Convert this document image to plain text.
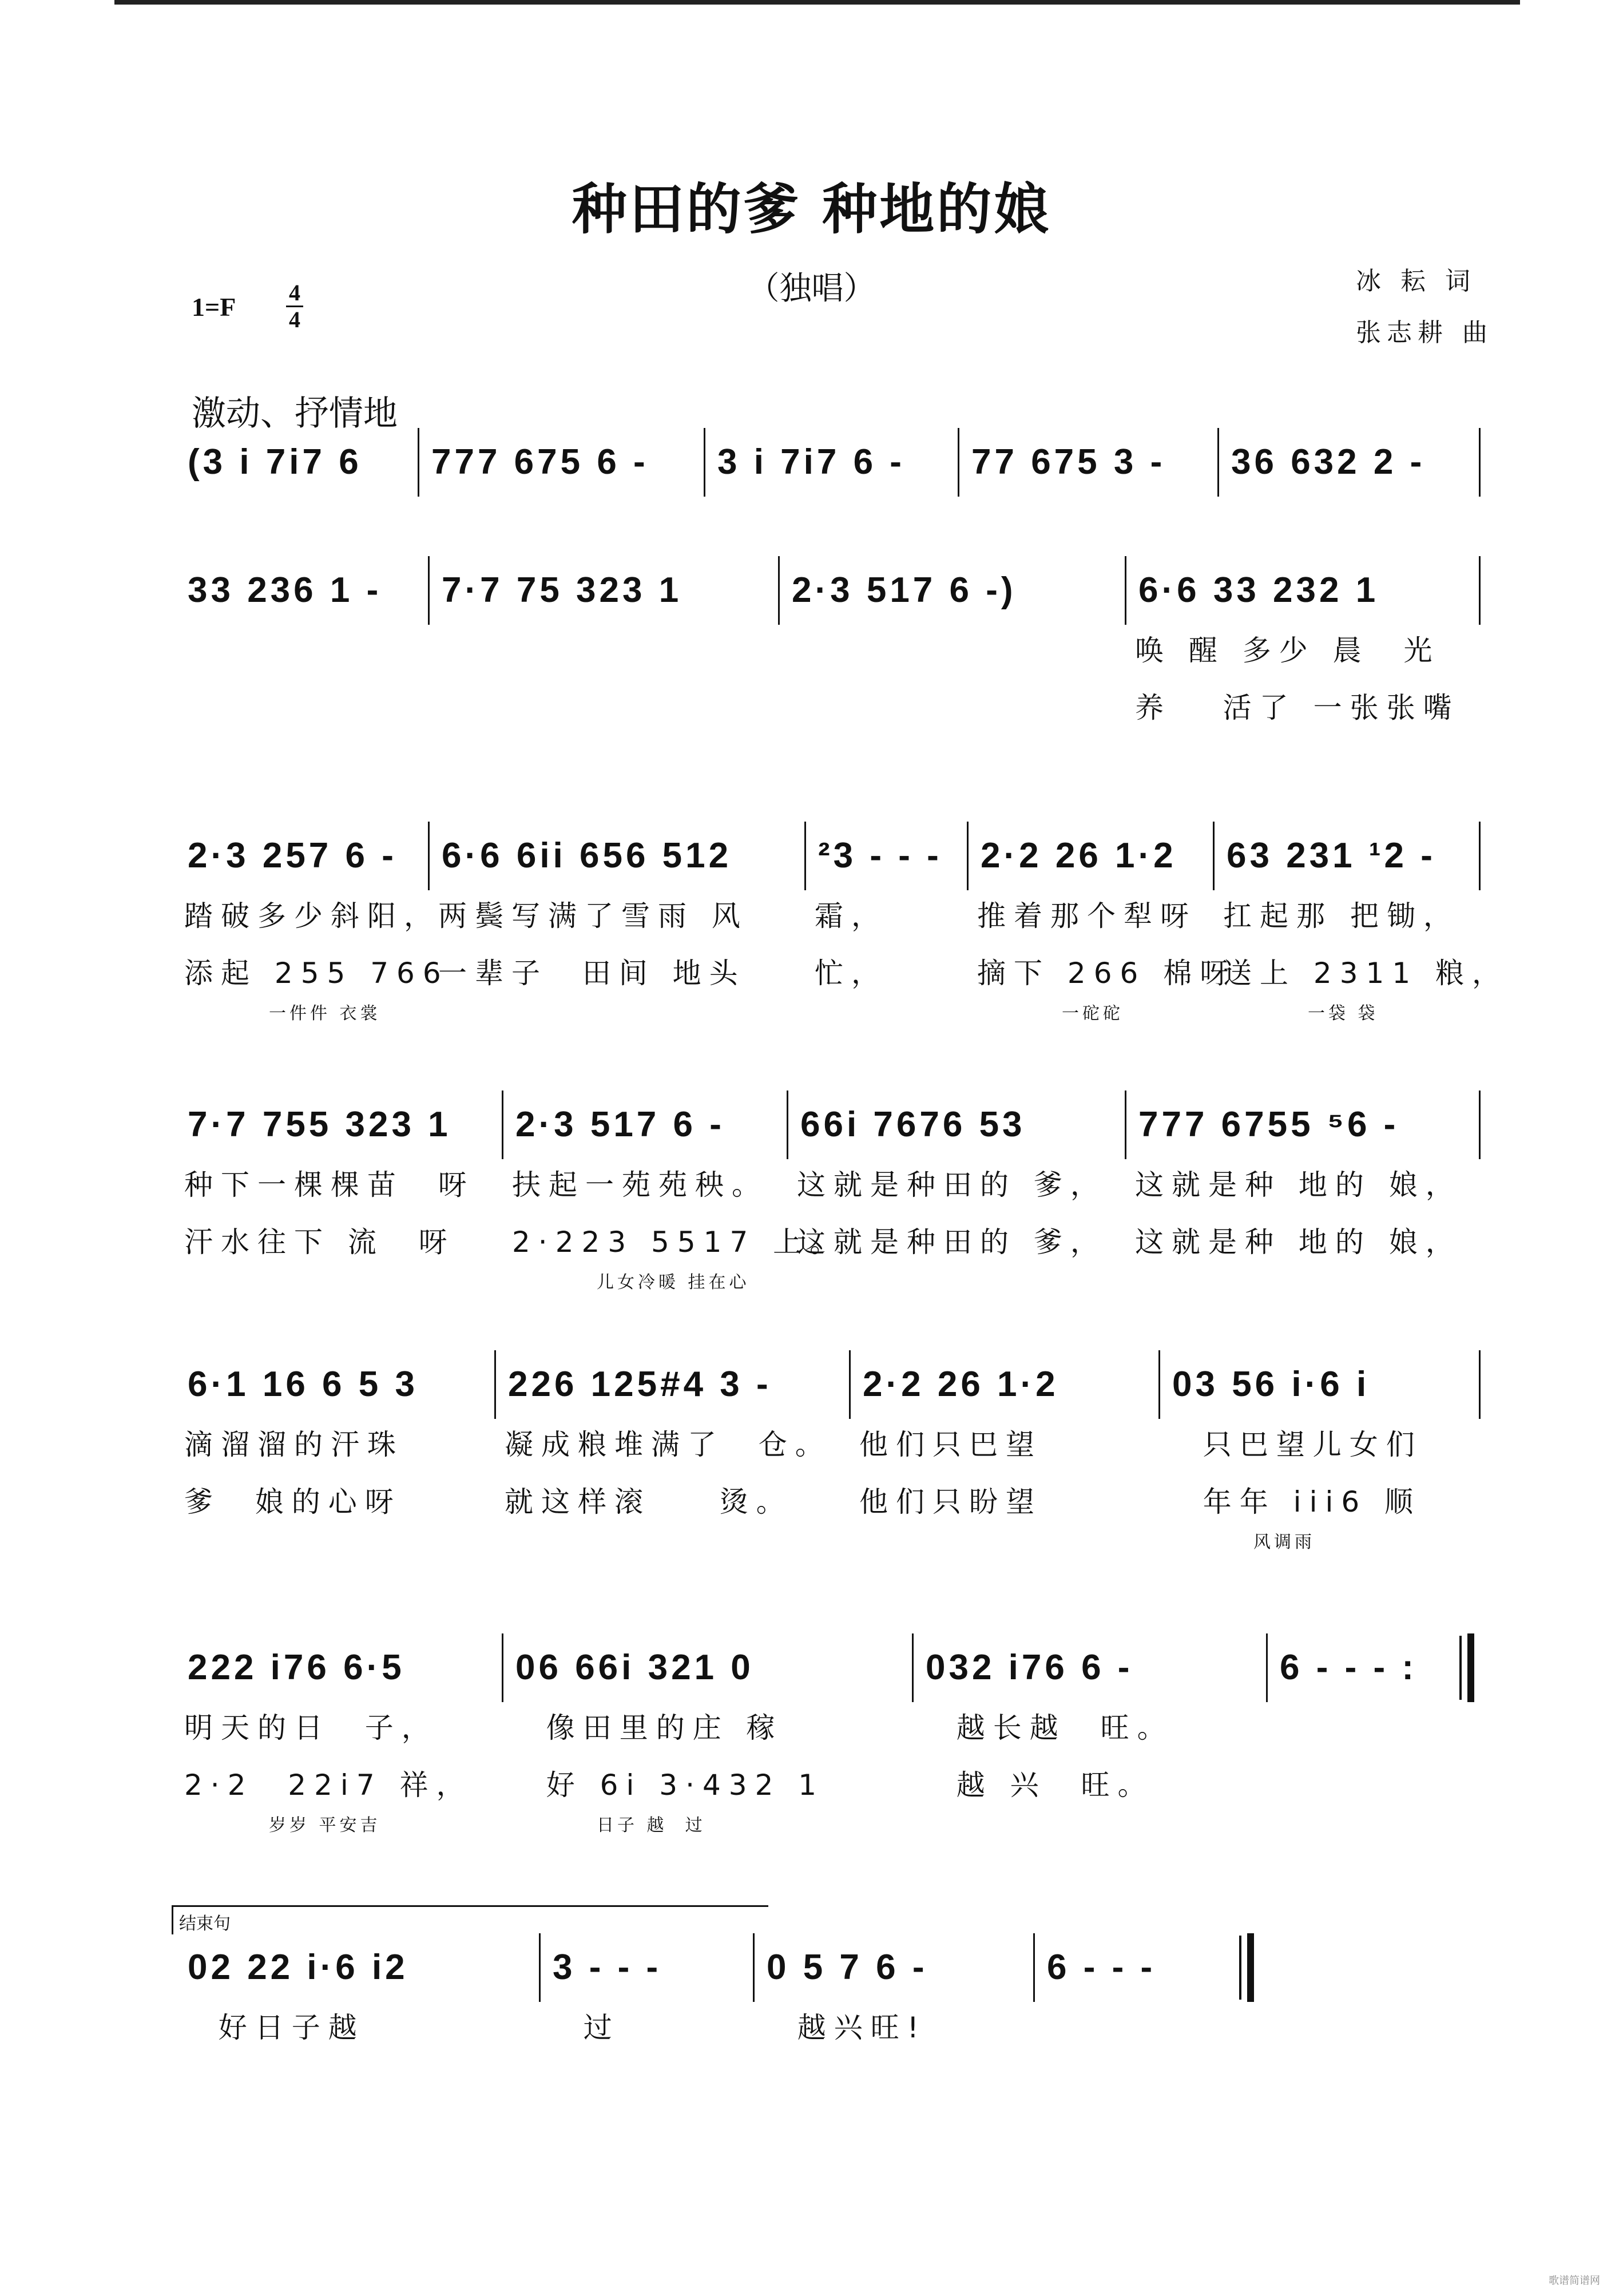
种田的爹 种地的娘
（独唱）	冰 耘 词
张志耕 曲
1=F 4
4
激动、抒情地
结束句
歌谱简谱网
(3 i 7i7 6 777 675 6 - 3 i 7i7 6 - 77 675 3 - 36 632 2 -
33 236 1 - 7·7 75 323 1	2·3 517 6 -)	6·6 33 232 1
唤 醒 多少 晨  光
养   活了 一张张嘴
2·3 257 6 -
踏破多少斜阳，
添起 255 766
一件件 衣裳
6·6 6ii 656 512
两鬓写满了雪雨 风
一辈子  田间 地头
²3 - - -
霜，
忙，
2·2 26 1·2
推着那个犁呀
摘下 266 棉呀
一砣砣
63 231 ¹2 -
扛起那 把锄，
送上 2311 粮，
一袋 袋
7·7 755 323 1
种下一棵棵苗  呀
汗水往下 流  呀
2·3 517 6 -
扶起一苑苑秧。
2·223 5517 上。
儿女冷暖 挂在心
66i 7676 53
这就是种田的 爹，
这就是种田的 爹，
777 6755 ⁵6 -
这就是种 地的 娘，
这就是种 地的 娘，
6·1 16 6 5 3
滴溜溜的汗珠
爹  娘的心呀
226 125#4 3 -
凝成粮堆满了  仓。
就这样滚    烫。
2·2 26 1·2
他们只巴望
他们只盼望
03 56 i·6 i
只巴望儿女们
年年 iii6 顺
风调雨
222 i76 6·5
明天的日  子，
2·2  22i7 祥，
岁岁 平安吉
06 66i 321 0
像田里的庄 稼
好 6i 3·432 1
日子 越  过
032 i76 6 -
越长越  旺。
越 兴  旺。
6 - - - :
02 22 i·6 i2
好日子越
3 - - -
过
0 5 7 6 -
越兴旺!
6 - - -
